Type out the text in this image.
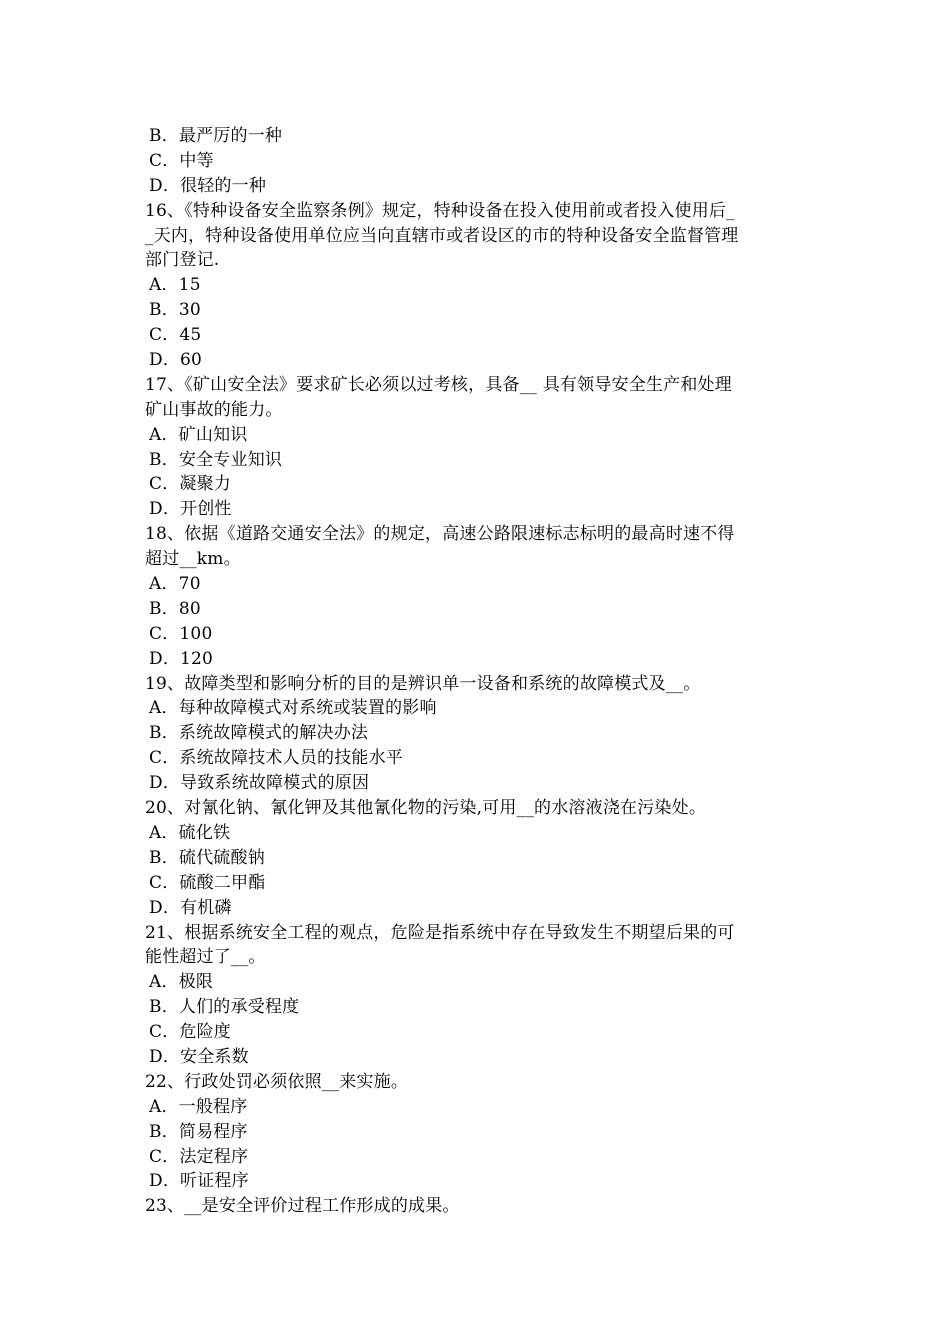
B．最严厉的一种
C．中等
D．很轻的一种
16、《特种设备安全监察条例》规定，特种设备在投入使用前或者投入使用后_
_天内，特种设备使用单位应当向直辖市或者设区的市的特种设备安全监督管理
部门登记.
A．15
B．30
C．45
D．60
17、《矿山安全法》要求矿长必须以过考核，具备__ 具有领导安全生产和处理
矿山事故的能力。
A．矿山知识
B．安全专业知识
C．凝聚力
D．开创性
18、依据《道路交通安全法》的规定，高速公路限速标志标明的最高时速不得
超过__km。
A．70
B．80
C．100
D．120
19、故障类型和影响分析的目的是辨识单一设备和系统的故障模式及__。
A．每种故障模式对系统或装置的影响
B．系统故障模式的解决办法
C．系统故障技术人员的技能水平
D．导致系统故障模式的原因
20、对氰化钠、氰化钾及其他氰化物的污染,可用__的水溶液浇在污染处。
A．硫化铁
B．硫代硫酸钠
C．硫酸二甲酯
D．有机磷
21、根据系统安全工程的观点，危险是指系统中存在导致发生不期望后果的可
能性超过了__。
A．极限
B．人们的承受程度
C．危险度
D．安全系数
22、行政处罚必须依照__来实施。
A．一般程序
B．简易程序
C．法定程序
D．听证程序
23、__是安全评价过程工作形成的成果。
